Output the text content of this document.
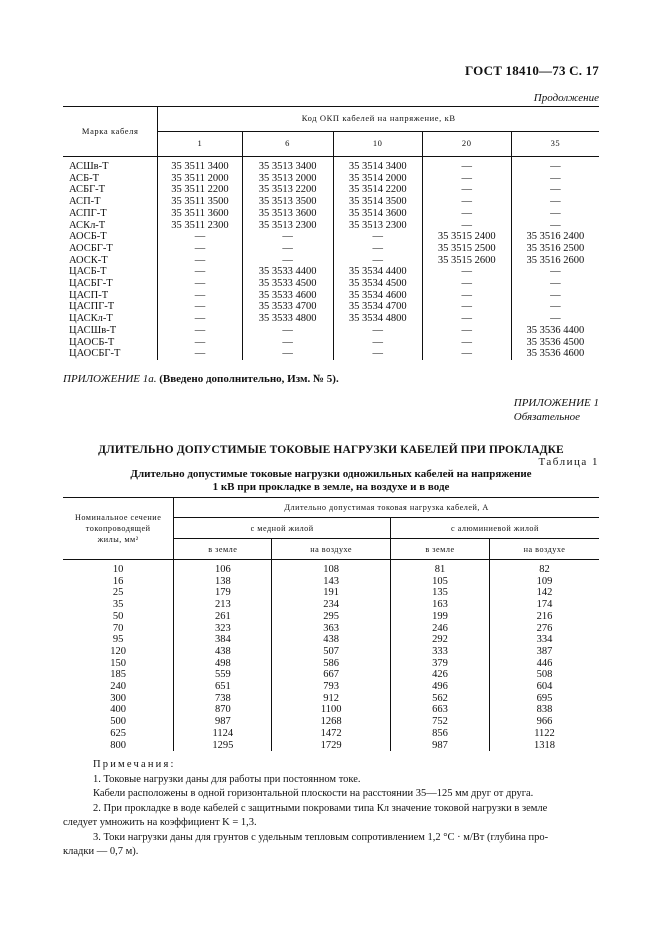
ГОСТ 18410—73 С. 17
Продолжение
Марка кабеля	Код ОКП кабелей на напряжение, кВ				
	1	6	10	20	35
АСШв-Т	35 3511 3400	35 3513 3400	35 3514 3400	—	—
АСБ-Т	35 3511 2000	35 3513 2000	35 3514 2000	—	—
АСБГ-Т	35 3511 2200	35 3513 2200	35 3514 2200	—	—
АСП-Т	35 3511 3500	35 3513 3500	35 3514 3500	—	—
АСПГ-Т	35 3511 3600	35 3513 3600	35 3514 3600	—	—
АСКл-Т	35 3511 2300	35 3513 2300	35 3513 2300	—	—
АОСБ-Т	—	—	—	35 3515 2400	35 3516 2400
АОСБГ-Т	—	—	—	35 3515 2500	35 3516 2500
АОСК-Т	—	—	—	35 3515 2600	35 3516 2600
ЦАСБ-Т	—	35 3533 4400	35 3534 4400	—	—
ЦАСБГ-Т	—	35 3533 4500	35 3534 4500	—	—
ЦАСП-Т	—	35 3533 4600	35 3534 4600	—	—
ЦАСПГ-Т	—	35 3533 4700	35 3534 4700	—	—
ЦАСКл-Т	—	35 3533 4800	35 3534 4800	—	—
ЦАСШв-Т	—	—	—	—	35 3536 4400
ЦАОСБ-Т	—	—	—	—	35 3536 4500
ЦАОСБГ-Т	—	—	—	—	35 3536 4600
ПРИЛОЖЕНИЕ 1а. (Введено дополнительно, Изм. № 5).
ПРИЛОЖЕНИЕ 1
Обязательное
ДЛИТЕЛЬНО ДОПУСТИМЫЕ ТОКОВЫЕ НАГРУЗКИ КАБЕЛЕЙ ПРИ ПРОКЛАДКЕ
Таблица 1
Длительно допустимые токовые нагрузки одножильных кабелей на напряжение
1 кВ при прокладке в земле, на воздухе и в воде
Номинальное сечение
токопроводящей
жилы, мм²	Длительно допустимая токовая нагрузка кабелей, А			
	с медной жилой		с алюминиевой жилой	
	в земле	на воздухе	в земле	на воздухе
10	106	108	81	82
16	138	143	105	109
25	179	191	135	142
35	213	234	163	174
50	261	295	199	216
70	323	363	246	276
95	384	438	292	334
120	438	507	333	387
150	498	586	379	446
185	559	667	426	508
240	651	793	496	604
300	738	912	562	695
400	870	1100	663	838
500	987	1268	752	966
625	1124	1472	856	1122
800	1295	1729	987	1318

Примечания:

1. Токовые нагрузки даны для работы при постоянном токе.

Кабели расположены в одной горизонтальной плоскости на расстоянии 35—125 мм друг от друга.

2. При прокладке в воде кабелей с защитными покровами типа Кл значение токовой нагрузки в земле

следует умножить на коэффициент K = 1,3.

3. Токи нагрузки даны для грунтов с удельным тепловым сопротивлением 1,2 °С · м/Вт (глубина про-

кладки — 0,7 м).
